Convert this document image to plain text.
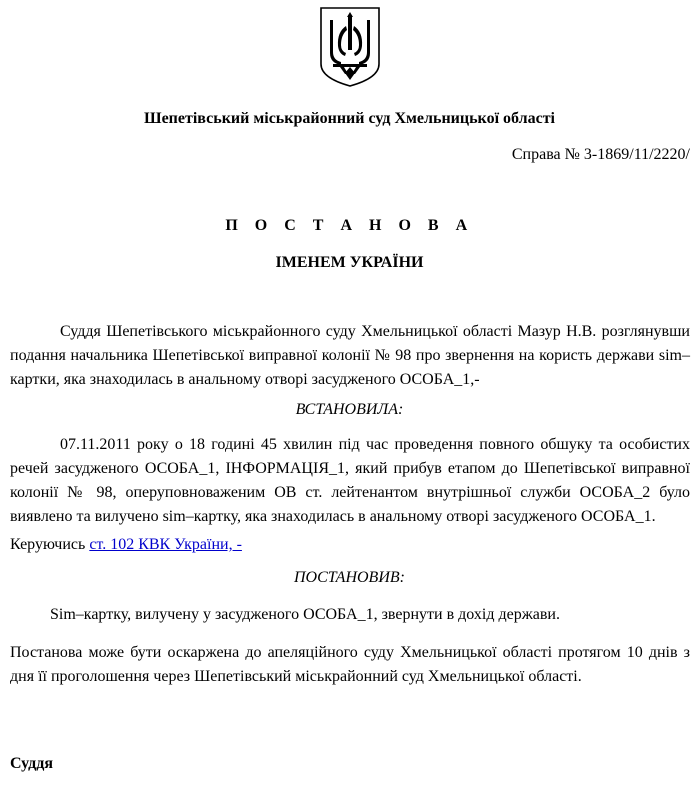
Шепетівський міськрайонний суд Хмельницької області
Справа № 3-1869/11/2220/
П О С Т А Н О В А
ІМЕНЕМ УКРАЇНИ
Суддя Шепетівського міськрайонного суду Хмельницької області Мазур Н.В. розглянувши подання начальника Шепетівської виправної колонії № 98 про звернення на користь держави sim–картки, яка знаходилась в анальному отворі засудженого ОСОБА_1,-
ВСТАНОВИЛА:
07.11.2011 року о 18 годині 45 хвилин під час проведення повного обшуку та особистих речей засудженого ОСОБА_1, ІНФОРМАЦІЯ_1, який прибув етапом до Шепетівської виправної колонії № 98, оперуповноваженим ОВ ст. лейтенантом внутрішньої служби ОСОБА_2 було виявлено та вилучено sim–картку, яка знаходилась в анальному отворі засудженого ОСОБА_1.
Керуючись ст. 102 КВК України, -
ПОСТАНОВИВ:
Sim–картку, вилучену у засудженого ОСОБА_1, звернути в дохід держави.
Постанова може бути оскаржена до апеляційного суду Хмельницької області протягом 10 днів з дня її проголошення через Шепетівський міськрайонний суд Хмельницької області.
Суддя
